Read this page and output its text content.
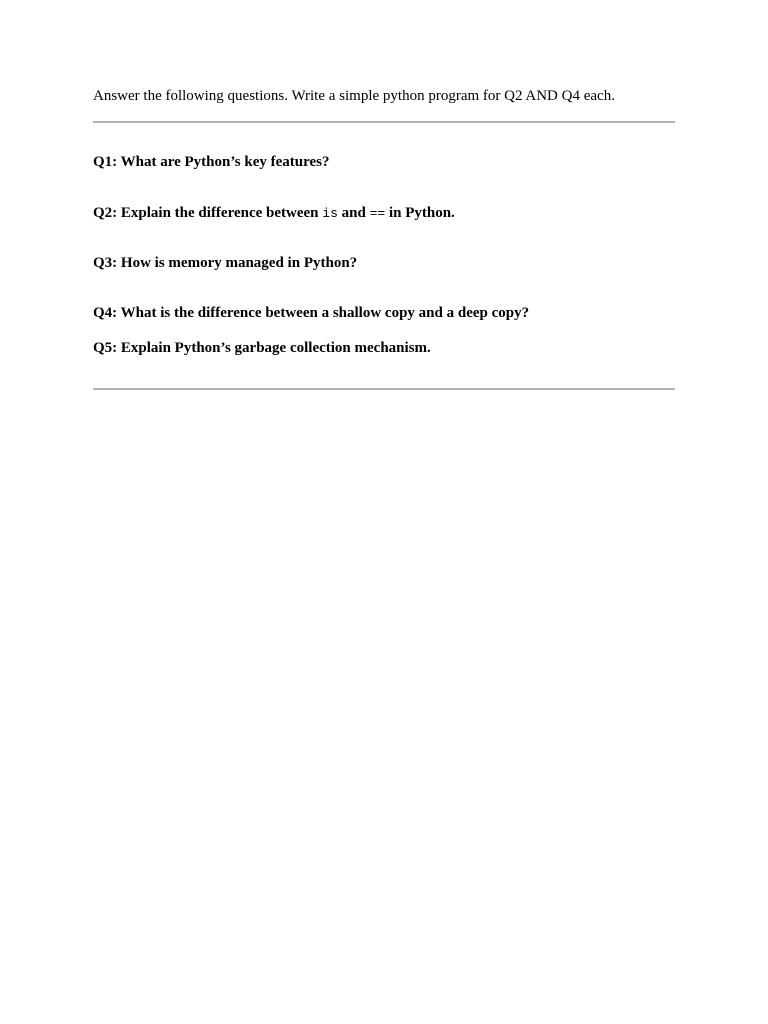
Answer the following questions. Write a simple python program for Q2 AND Q4 each.
Q1: What are Python’s key features?
Q2: Explain the difference between is and == in Python.
Q3: How is memory managed in Python?
Q4: What is the difference between a shallow copy and a deep copy?
Q5: Explain Python’s garbage collection mechanism.
